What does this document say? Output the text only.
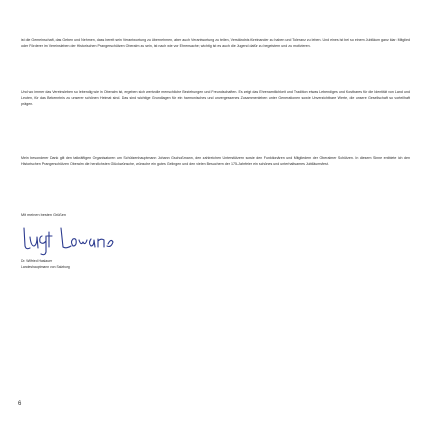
ist die Gemeinschaft, das Geben und Nehmen, dass bereit sein Verantwortung zu übernehmen, aber auch Verantwortung zu teilen, Verständnis füreinander zu haben und Toleranz zu leben. Und eines ist bei so einem Jubiläum ganz klar: Mitglied oder Förderer im Vereinsleben der Historischen Prangerschützen Oberalm zu sein, ist nach wie vor Ehrensache; wichtig ist es auch die Jugend dafür zu begeistern und zu motivieren.

Und wo immer das Vereinsleben so lebendig wie in Oberalm ist, ergeben sich wertvolle menschliche Beziehungen und Freundschaften. Es zeigt das Ehrenamtlichkeit und Tradition etwas Lebendiges und Kostbares für die Identität von Land und Leuten, für das Bekenntnis zu unserer schönen Heimat sind. Das sind wichtige Grundlagen für ein harmonisches und unvergessenes Zusammenleben unter Generationen sowie Unverzichtbare Werte, die unsere Gesellschaft so vorteilhaft prägen.

Mein besonderer Dank gilt den tatkräftigen Organisatoren um Schützenhauptmann Johann Gschoßmann, den zahlreichen Unterstützern sowie den Funktionären und Mitgliedern der Oberalmer Schützen. In diesem Sinne entbiete ich den Historischen Prangerschützen Oberalm die herzlichsten Glückwünsche, wünsche ein gutes Gelingen und den vielen Besuchern der 175-Jahrfeier ein schönes und unterhaltsames Jubiläumsfest.

Mit meinen besten Grüßen

Dr. Wilfried Haslauer
Landeshauptmann von Salzburg

6
